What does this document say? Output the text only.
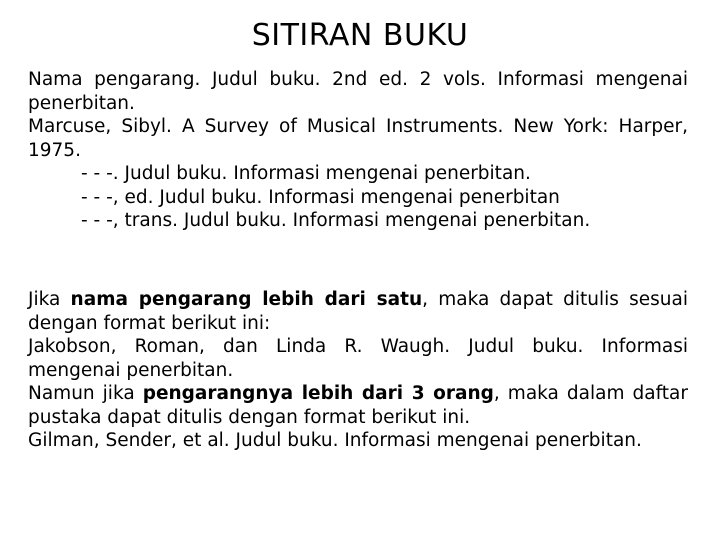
SITIRAN BUKU

Nama pengarang. Judul buku. 2nd ed. 2 vols. Informasi mengenai penerbitan.

Marcuse, Sibyl. A Survey of Musical Instruments. New York: Harper, 1975.

- - -. Judul buku. Informasi mengenai penerbitan.

- - -, ed. Judul buku. Informasi mengenai penerbitan

- - -, trans. Judul buku. Informasi mengenai penerbitan.

Jika nama pengarang lebih dari satu, maka dapat ditulis sesuai dengan format berikut ini:

Jakobson, Roman, dan Linda R. Waugh. Judul buku. Informasi mengenai penerbitan.

Namun jika pengarangnya lebih dari 3 orang, maka dalam daftar pustaka dapat ditulis dengan format berikut ini.

Gilman, Sender, et al. Judul buku. Informasi mengenai penerbitan.
